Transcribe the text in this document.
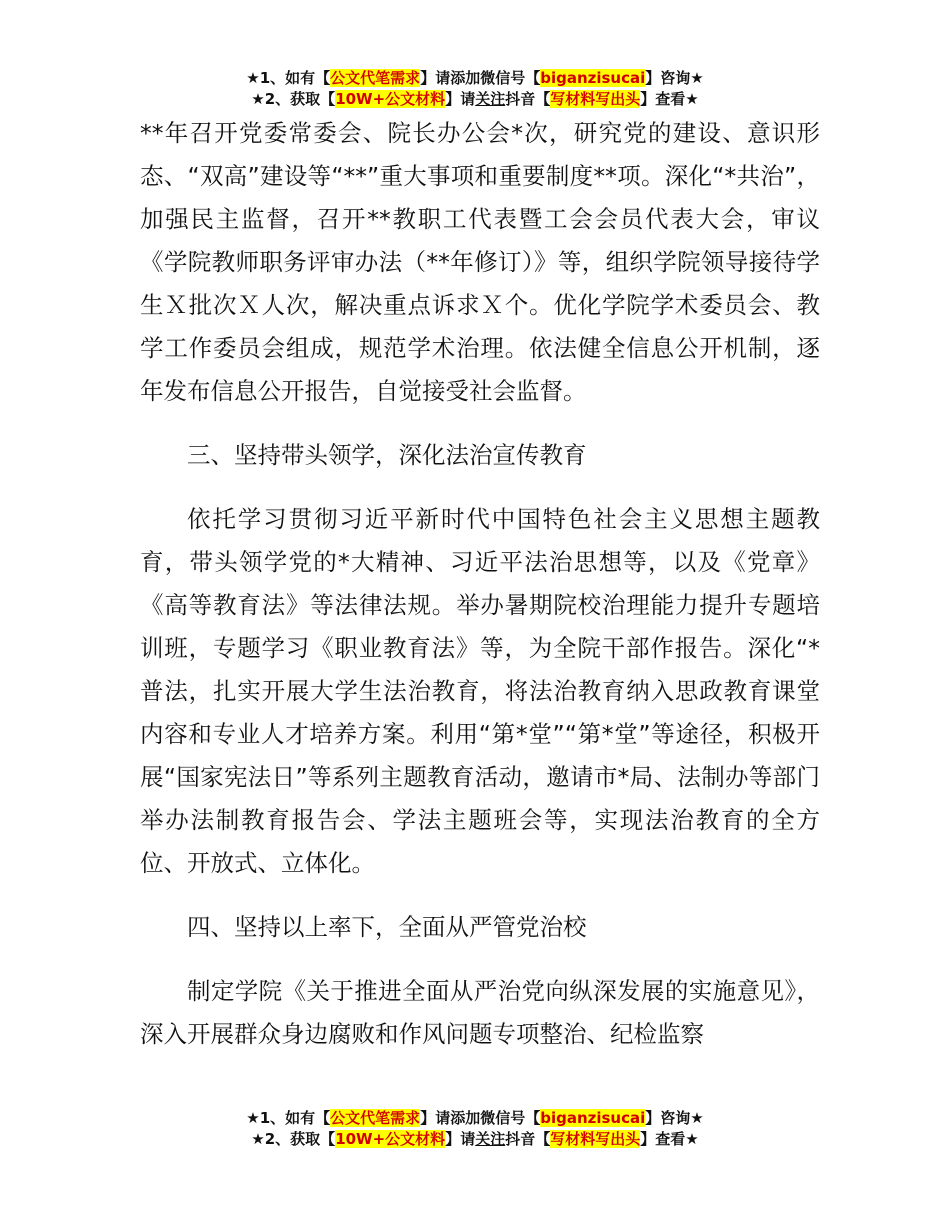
★1、如有【公文代笔需求】请添加微信号【biganzisucai】咨询★
★2、获取【10W+公文材料】请关注抖音【写材料写出头】查看★

**年召开党委常委会、院长办公会*次，研究党的建设、意识形态、“双高”建设等“**”重大事项和重要制度**项。深化“*共治”，加强民主监督，召开**教职工代表暨工会会员代表大会，审议《学院教师职务评审办法（**年修订）》等，组织学院领导接待学生Ｘ批次Ｘ人次，解决重点诉求Ｘ个。优化学院学术委员会、教学工作委员会组成，规范学术治理。依法健全信息公开机制，逐年发布信息公开报告，自觉接受社会监督。

三、坚持带头领学，深化法治宣传教育

依托学习贯彻习近平新时代中国特色社会主义思想主题教育，带头领学党的*大精神、习近平法治思想等，以及《党章》《高等教育法》等法律法规。举办暑期院校治理能力提升专题培训班，专题学习《职业教育法》等，为全院干部作报告。深化“*普法，扎实开展大学生法治教育，将法治教育纳入思政教育课堂内容和专业人才培养方案。利用“第*堂”“第*堂”等途径，积极开展“国家宪法日”等系列主题教育活动，邀请市*局、法制办等部门举办法制教育报告会、学法主题班会等，实现法治教育的全方位、开放式、立体化。

四、坚持以上率下，全面从严管党治校

制定学院《关于推进全面从严治党向纵深发展的实施意见》，深入开展群众身边腐败和作风问题专项整治、纪检监察

★1、如有【公文代笔需求】请添加微信号【biganzisucai】咨询★
★2、获取【10W+公文材料】请关注抖音【写材料写出头】查看★
